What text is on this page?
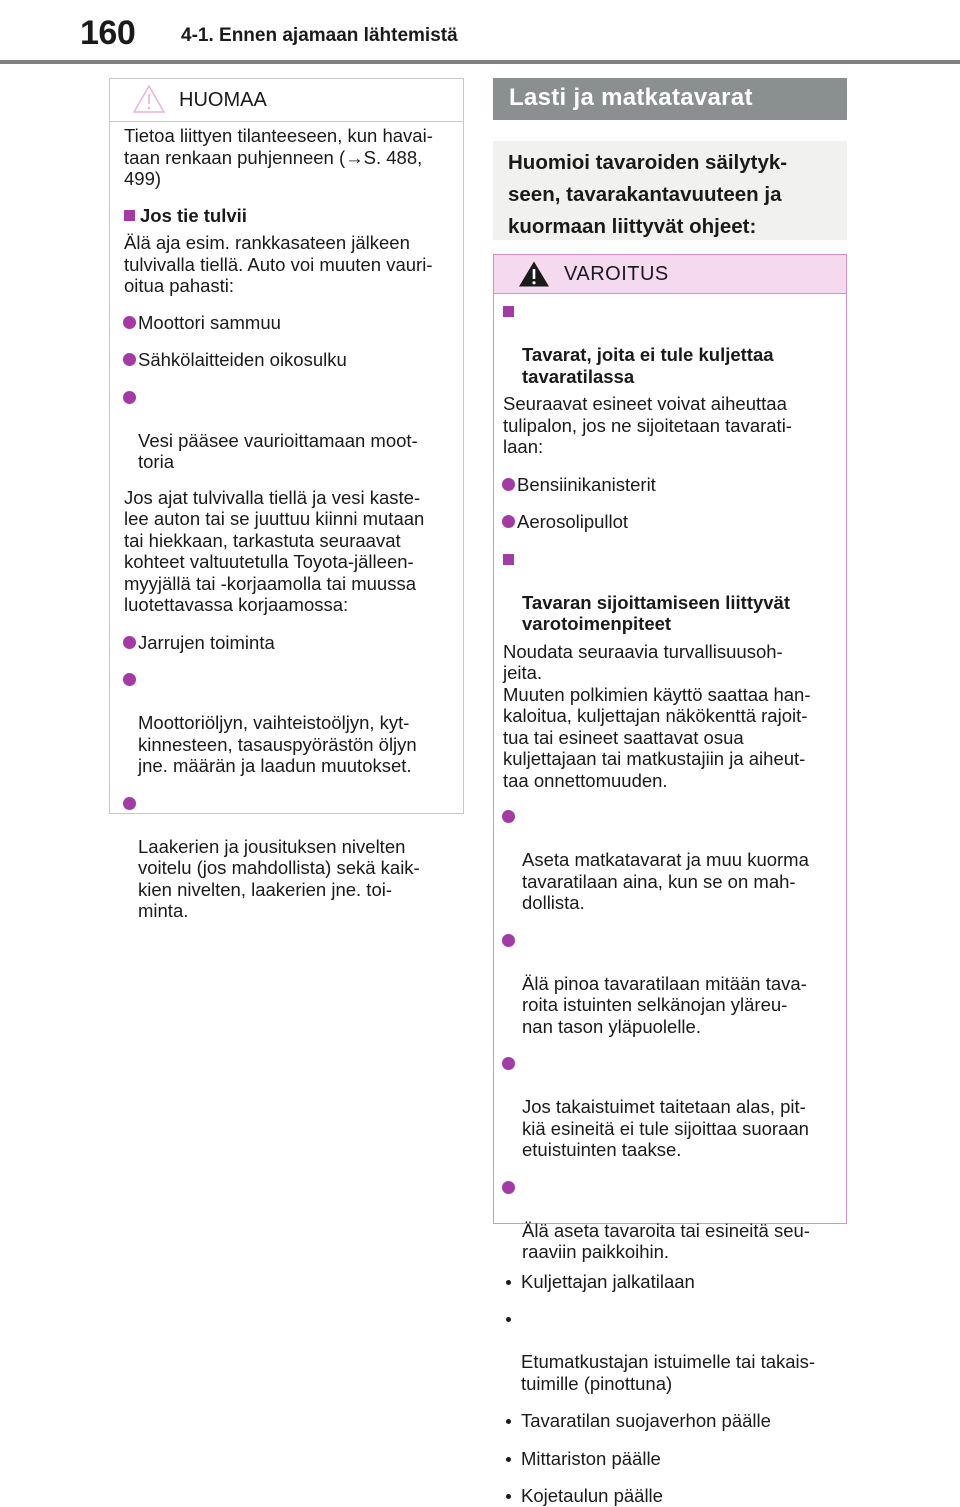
160 4-1. Ennen ajamaan lähtemistä
HUOMAA

Tietoa liittyen tilanteeseen, kun havai-
taan renkaan puhjenneen (→S. 488,
499)

Jos tie tulvii

Älä aja esim. rankkasateen jälkeen
tulvivalla tiellä. Auto voi muuten vauri-
oitua pahasti:

Moottori sammuu

Sähkölaitteiden oikosulku

Vesi pääsee vaurioittamaan moot-
toria

Jos ajat tulvivalla tiellä ja vesi kaste-
lee auton tai se juuttuu kiinni mutaan
tai hiekkaan, tarkastuta seuraavat
kohteet valtuutetulla Toyota-jälleen-
myyjällä tai -korjaamolla tai muussa
luotettavassa korjaamossa:

Jarrujen toiminta

Moottoriöljyn, vaihteistoöljyn, kyt-
kinnesteen, tasauspyörästön öljyn
jne. määrän ja laadun muutokset.

Laakerien ja jousituksen nivelten
voitelu (jos mahdollista) sekä kaik-
kien nivelten, laakerien jne. toi-
minta.

Lasti ja matkatavarat
Huomioi tavaroiden säilytyk-
seen, tavarakantavuuteen ja
kuormaan liittyvät ohjeet:
VAROITUS

Tavarat, joita ei tule kuljettaa
tavaratilassa

Seuraavat esineet voivat aiheuttaa
tulipalon, jos ne sijoitetaan tavarati-
laan:

Bensiinikanisterit

Aerosolipullot

Tavaran sijoittamiseen liittyvät
varotoimenpiteet

Noudata seuraavia turvallisuusoh-
jeita.
Muuten polkimien käyttö saattaa han-
kaloitua, kuljettajan näkökenttä rajoit-
tua tai esineet saattavat osua
kuljettajaan tai matkustajiin ja aiheut-
taa onnettomuuden.

Aseta matkatavarat ja muu kuorma
tavaratilaan aina, kun se on mah-
dollista.

Älä pinoa tavaratilaan mitään tava-
roita istuinten selkänojan yläreu-
nan tason yläpuolelle.

Jos takaistuimet taitetaan alas, pit-
kiä esineitä ei tule sijoittaa suoraan
etuistuinten taakse.

Älä aseta tavaroita tai esineitä seu-
raaviin paikkoihin.

Kuljettajan jalkatilaan

Etumatkustajan istuimelle tai takais-
tuimille (pinottuna)

Tavaratilan suojaverhon päälle

Mittariston päälle

Kojetaulun päälle
